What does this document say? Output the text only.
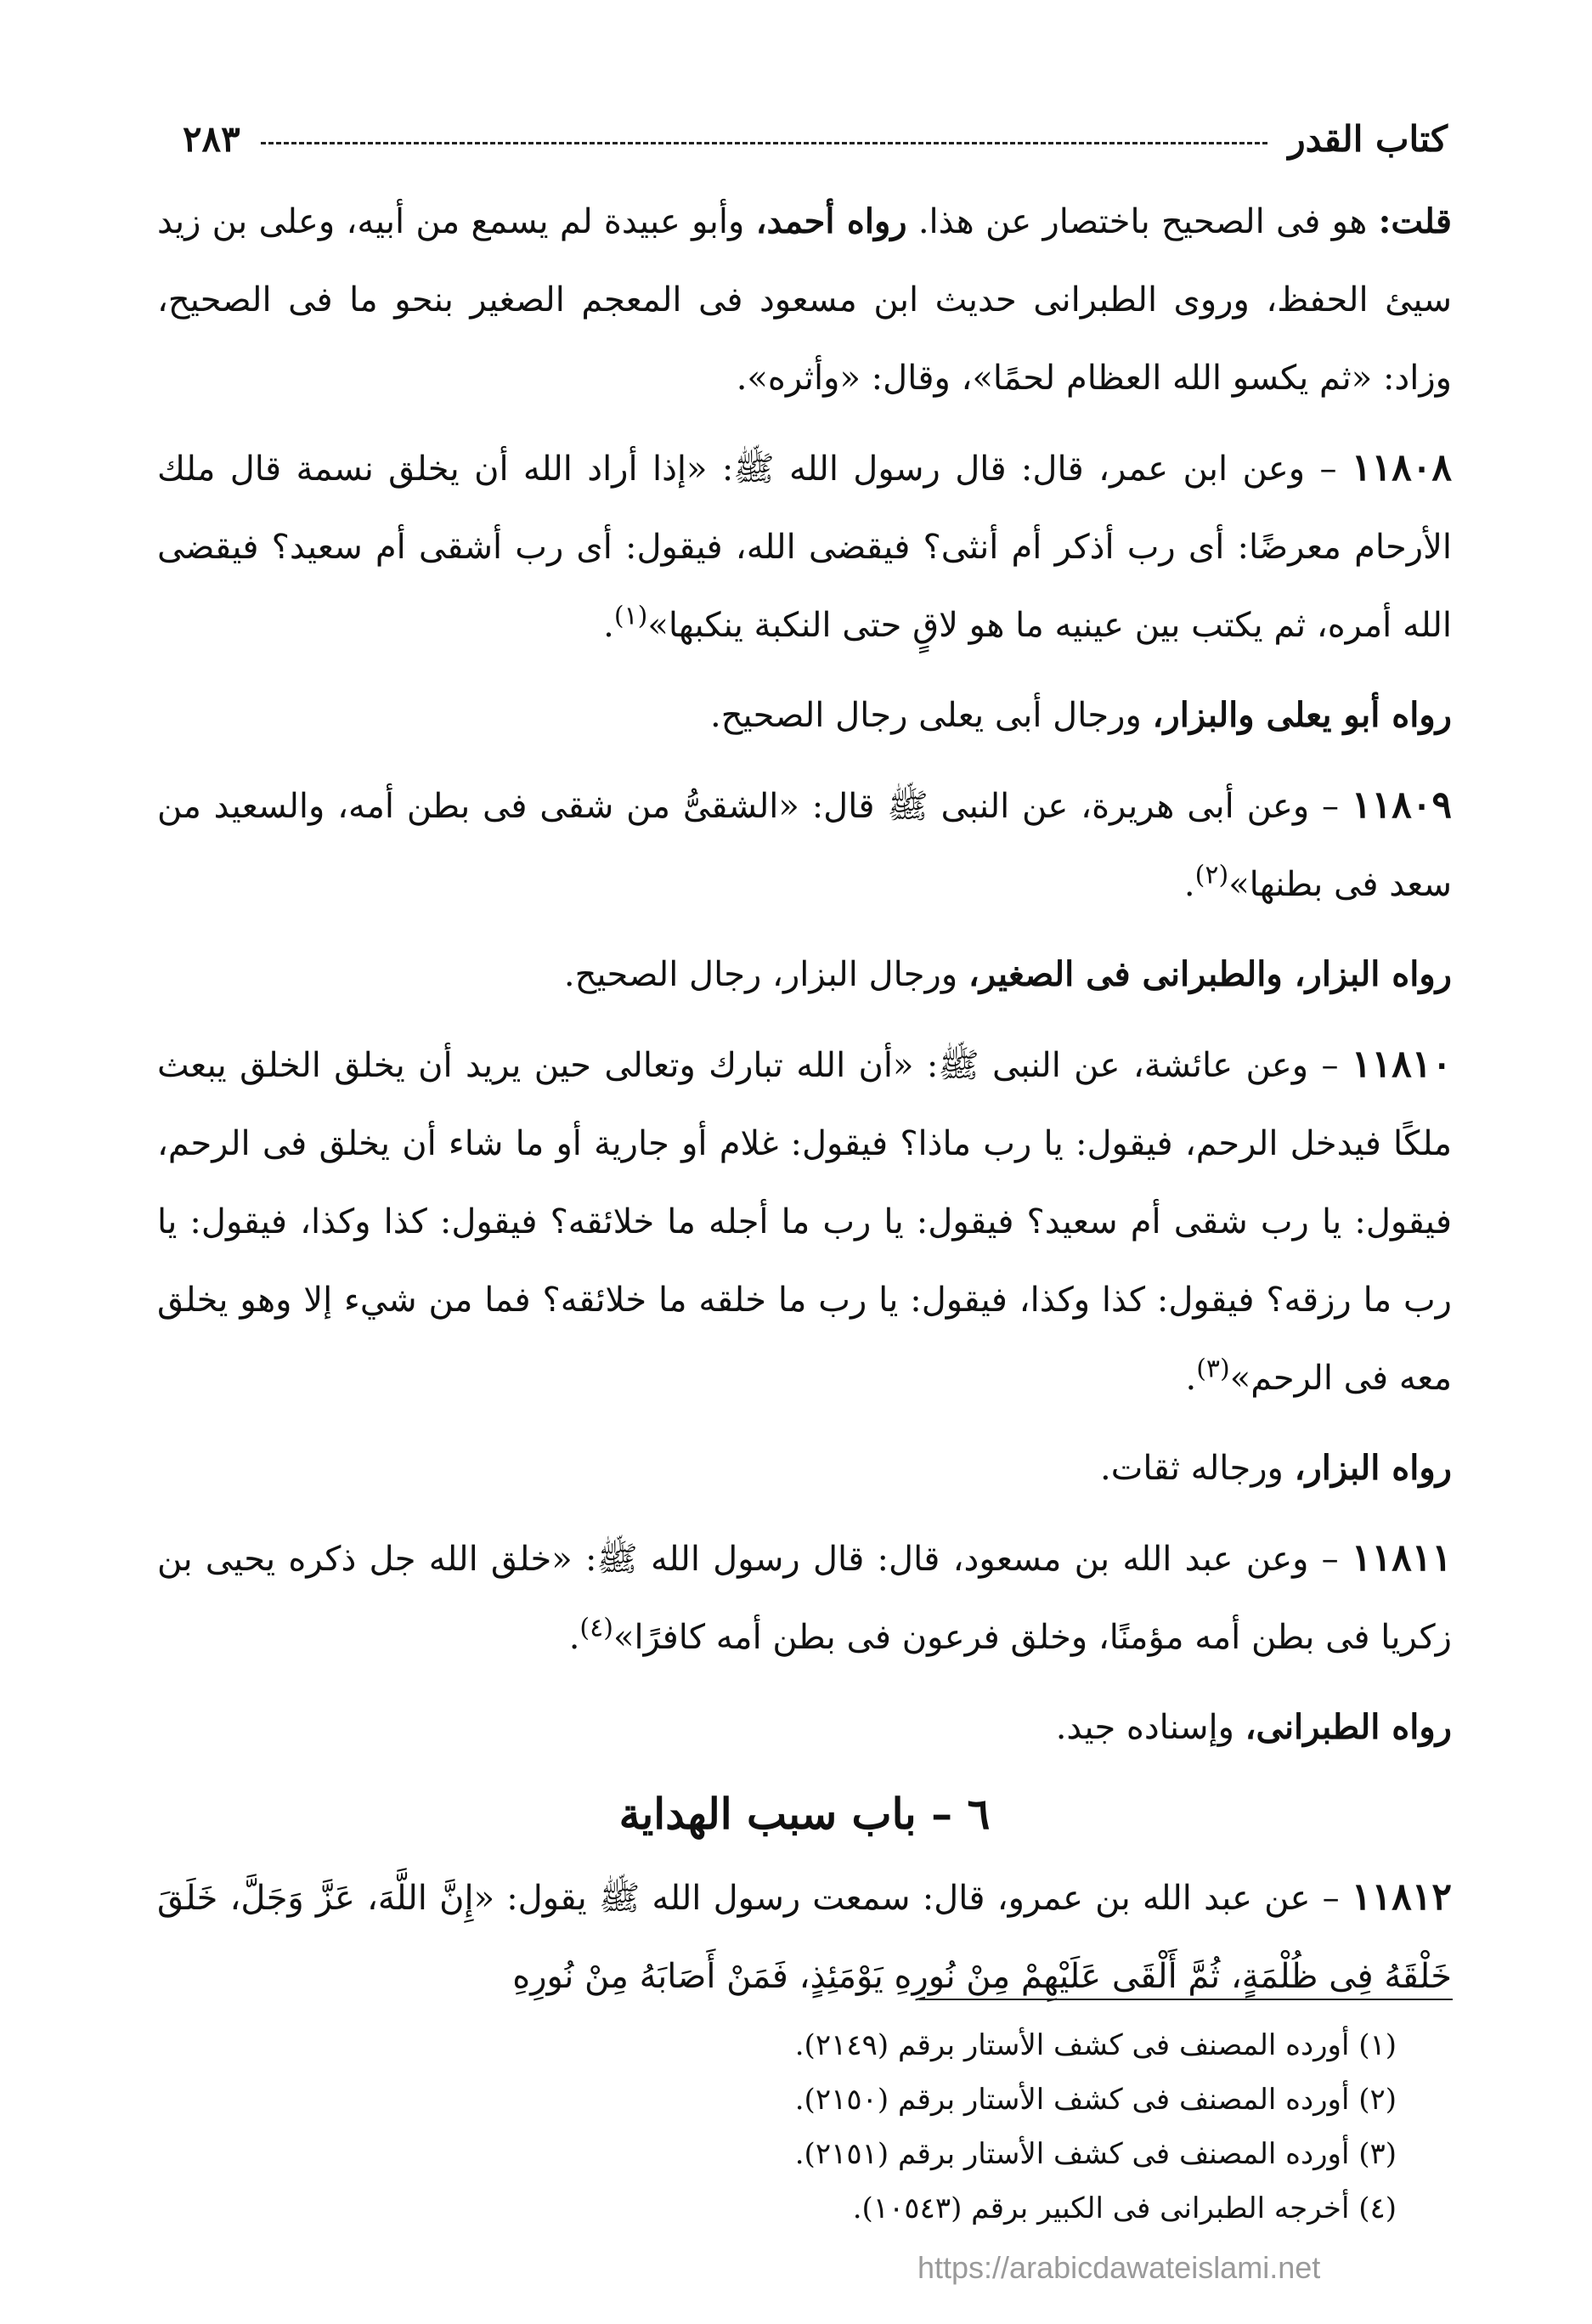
٢٨٣	كتاب القدر

قلت: هو فى الصحيح باختصار عن هذا. رواه أحمد، وأبو عبيدة لم يسمع من أبيه، وعلى بن زيد سيئ الحفظ، وروى الطبرانى حديث ابن مسعود فى المعجم الصغير بنحو ما فى الصحيح، وزاد: «ثم يكسو الله العظام لحمًا»، وقال: «وأثره».

١١٨٠٨ – وعن ابن عمر، قال: قال رسول الله ﷺ: «إذا أراد الله أن يخلق نسمة قال ملك الأرحام معرضًا: أى رب أذكر أم أنثى؟ فيقضى الله، فيقول: أى رب أشقى أم سعيد؟ فيقضى الله أمره، ثم يكتب بين عينيه ما هو لاقٍ حتى النكبة ينكبها»$^{(١)}$.

رواه أبو يعلى والبزار، ورجال أبى يعلى رجال الصحيح.

١١٨٠٩ – وعن أبى هريرة، عن النبى ﷺ قال: «الشقىُّ من شقى فى بطن أمه، والسعيد من سعد فى بطنها»$^{(٢)}$.

رواه البزار، والطبرانى فى الصغير، ورجال البزار، رجال الصحيح.

١١٨١٠ – وعن عائشة، عن النبى ﷺ: «أن الله تبارك وتعالى حين يريد أن يخلق الخلق يبعث ملكًا فيدخل الرحم، فيقول: يا رب ماذا؟ فيقول: غلام أو جارية أو ما شاء أن يخلق فى الرحم، فيقول: يا رب شقى أم سعيد؟ فيقول: يا رب ما أجله ما خلائقه؟ فيقول: كذا وكذا، فيقول: يا رب ما رزقه؟ فيقول: كذا وكذا، فيقول: يا رب ما خلقه ما خلائقه؟ فما من شيء إلا وهو يخلق معه فى الرحم»$^{(٣)}$.

رواه البزار، ورجاله ثقات.

١١٨١١ – وعن عبد الله بن مسعود، قال: قال رسول الله ﷺ: «خلق الله جل ذكره يحيى بن زكريا فى بطن أمه مؤمنًا، وخلق فرعون فى بطن أمه كافرًا»$^{(٤)}$.

رواه الطبرانى، وإسناده جيد.

٦ – باب سبب الهداية

١١٨١٢ – عن عبد الله بن عمرو، قال: سمعت رسول الله ﷺ يقول: «إِنَّ اللَّهَ، عَزَّ وَجَلَّ، خَلَقَ خَلْقَهُ فِى ظُلْمَةٍ، ثُمَّ أَلْقَى عَلَيْهِمْ مِنْ نُورِهِ يَوْمَئِذٍ، فَمَنْ أَصَابَهُ مِنْ نُورِهِ

(١) أورده المصنف فى كشف الأستار برقم (٢١٤٩).
(٢) أورده المصنف فى كشف الأستار برقم (٢١٥٠).
(٣) أورده المصنف فى كشف الأستار برقم (٢١٥١).
(٤) أخرجه الطبرانى فى الكبير برقم (١٠٥٤٣).
https://arabicdawateislami.net
